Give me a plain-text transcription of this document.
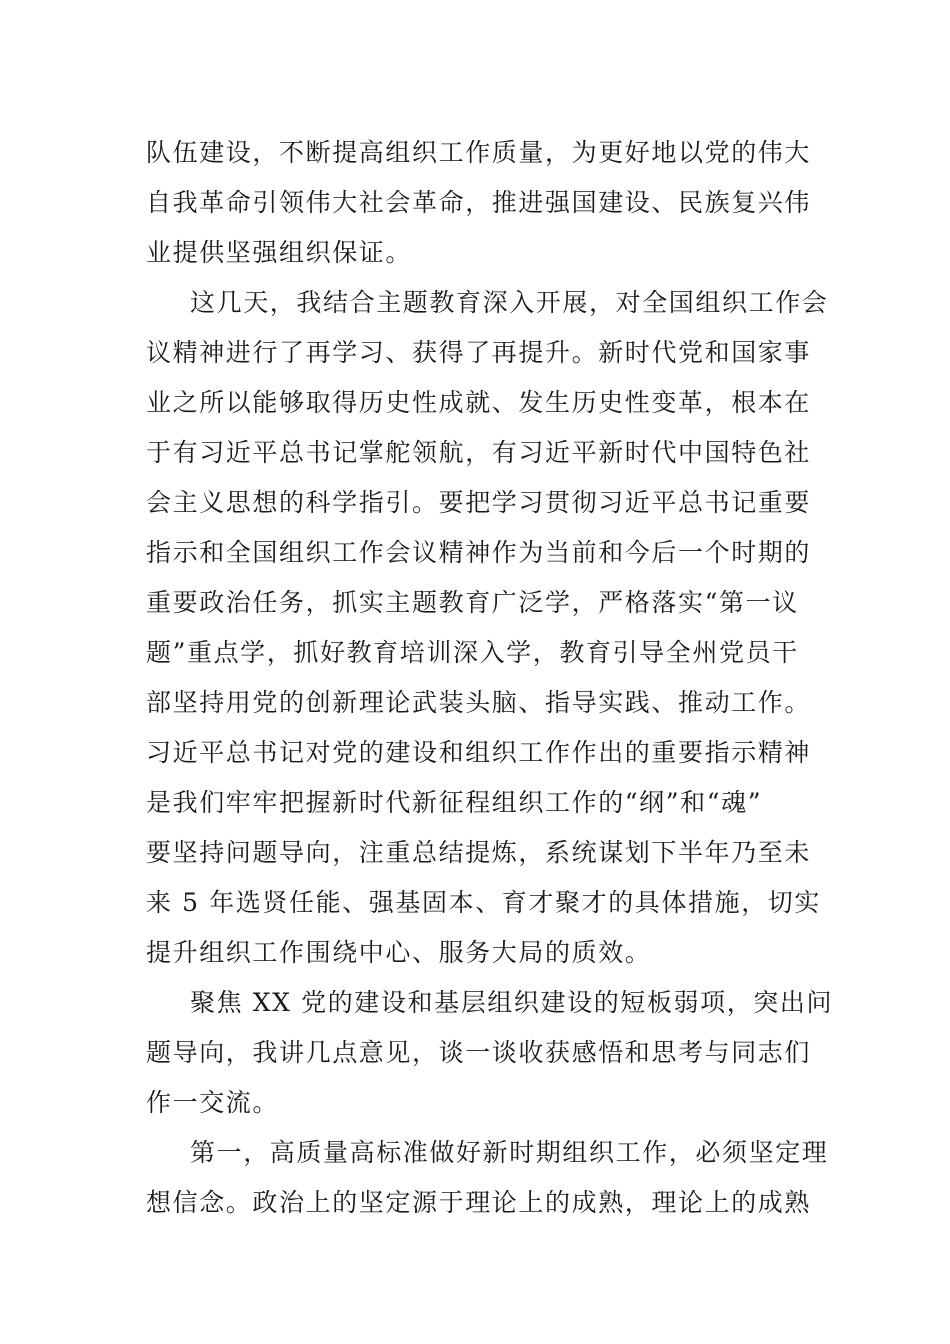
队伍建设，不断提高组织工作质量，为更好地以党的伟大
自我革命引领伟大社会革命，推进强国建设、民族复兴伟
业提供坚强组织保证。
这几天，我结合主题教育深入开展，对全国组织工作会
议精神进行了再学习、获得了再提升。新时代党和国家事
业之所以能够取得历史性成就、发生历史性变革，根本在
于有习近平总书记掌舵领航，有习近平新时代中国特色社
会主义思想的科学指引。要把学习贯彻习近平总书记重要
指示和全国组织工作会议精神作为当前和今后一个时期的
重要政治任务，抓实主题教育广泛学，严格落实“第一议
题”重点学，抓好教育培训深入学，教育引导全州党员干
部坚持用党的创新理论武装头脑、指导实践、推动工作。
习近平总书记对党的建设和组织工作作出的重要指示精神
是我们牢牢把握新时代新征程组织工作的“纲”和“魂”
要坚持问题导向，注重总结提炼，系统谋划下半年乃至未
来 5 年选贤任能、强基固本、育才聚才的具体措施，切实
提升组织工作围绕中心、服务大局的质效。
聚焦 XX 党的建设和基层组织建设的短板弱项，突出问
题导向，我讲几点意见，谈一谈收获感悟和思考与同志们
作一交流。
第一，高质量高标准做好新时期组织工作，必须坚定理
想信念。政治上的坚定源于理论上的成熟，理论上的成熟
